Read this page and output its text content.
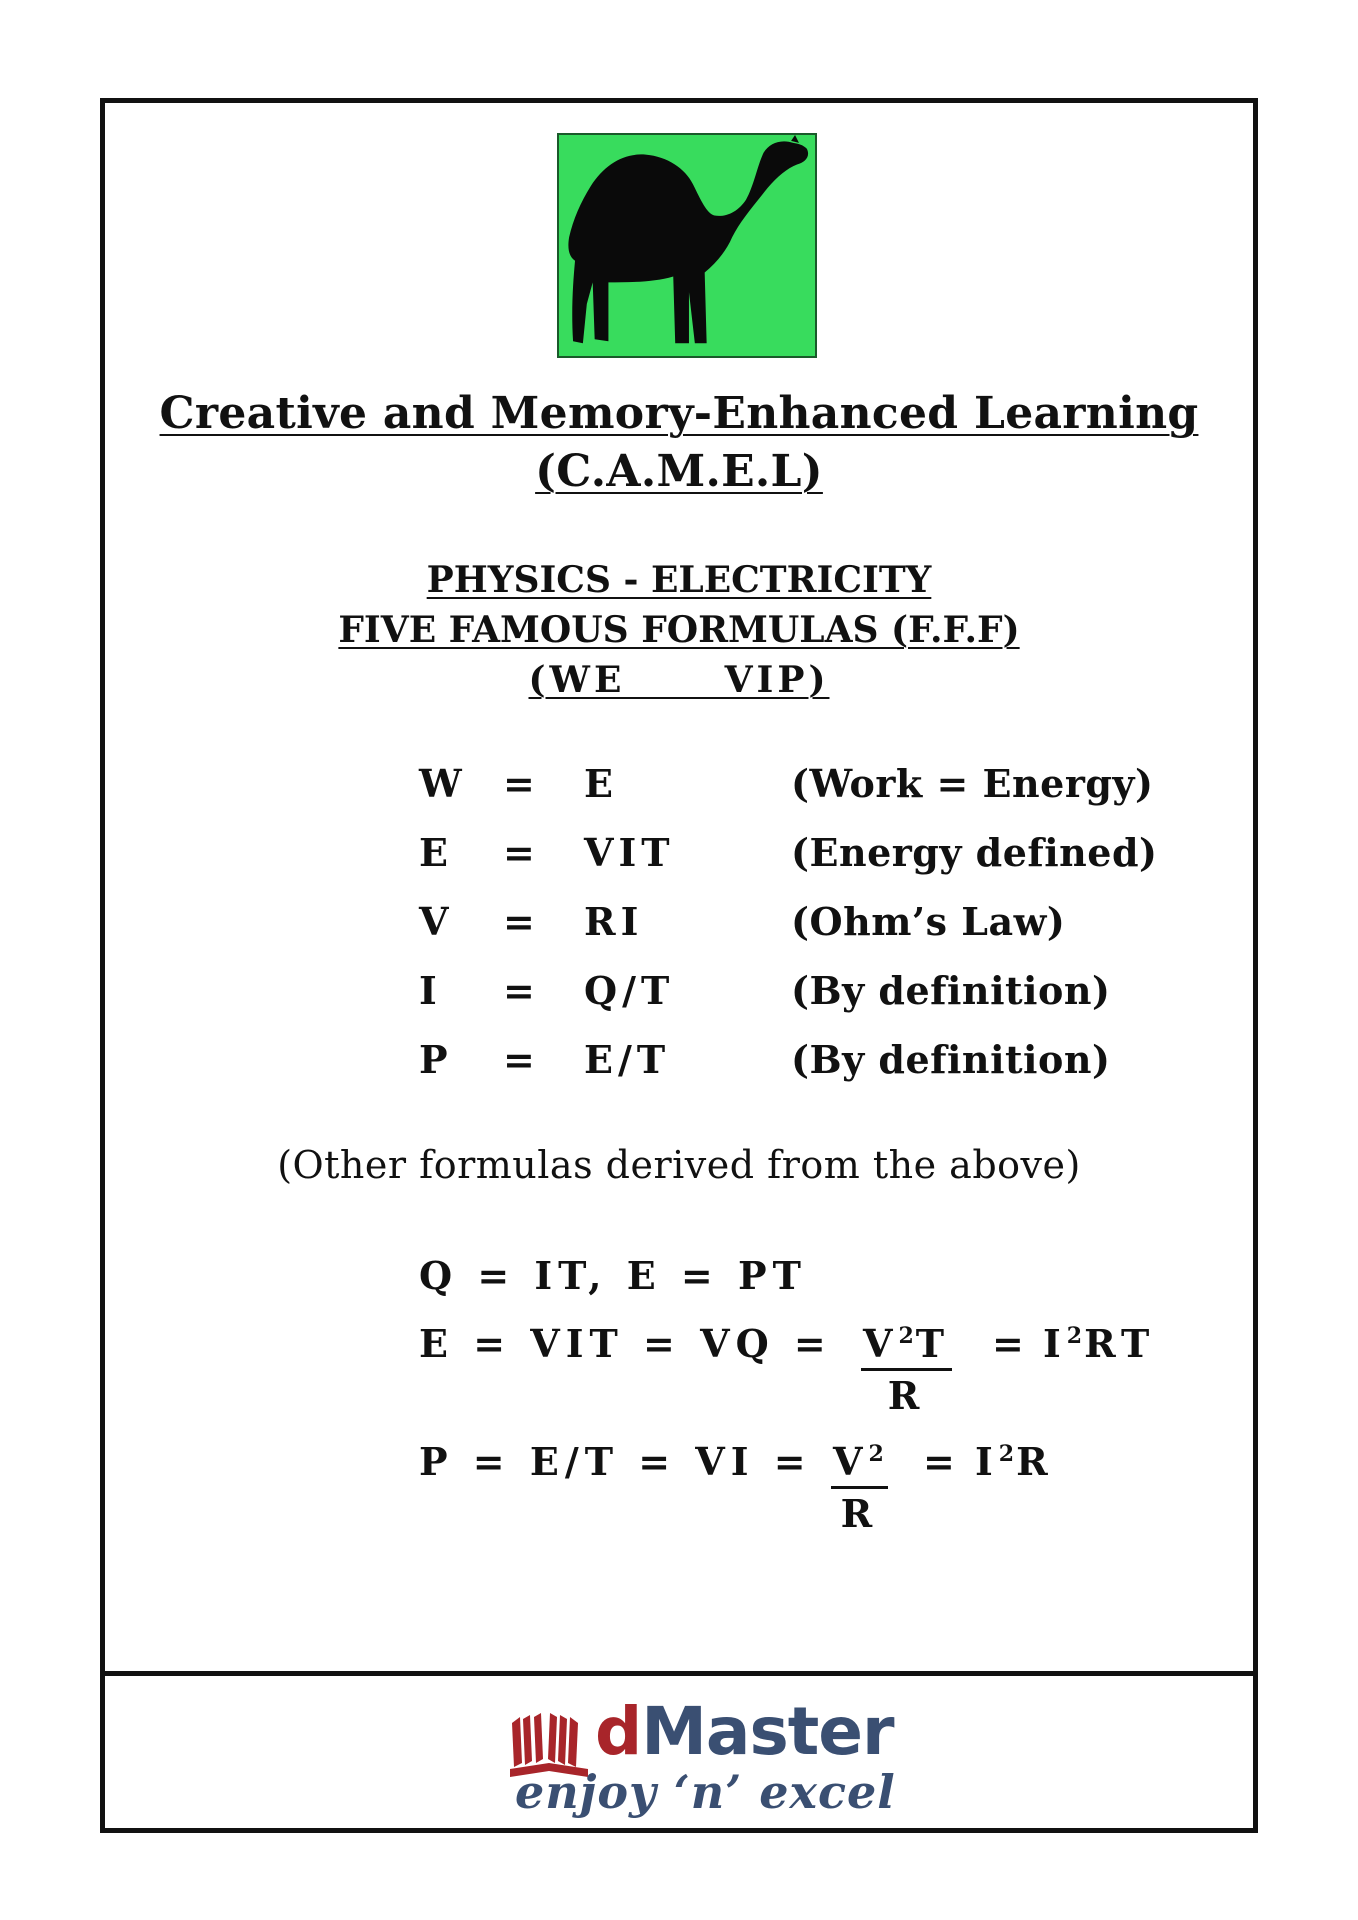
Creative and Memory-Enhanced Learning
(C.A.M.E.L)
PHYSICS - ELECTRICITY
FIVE FAMOUS FORMULAS (F.F.F)
(WE      VIP)
W = E	(Work = Energy)
E = VIT	(Energy defined)
V = RI	(Ohm’s Law)
I = Q/T	(By definition)
P = E/T	(By definition)
(Other formulas derived from the above)
Q = IT, E = PT
E = VIT = VQ = $\frac{V^2T}{R} = I^2RT$
P = E/T = VI = $\frac{V^2}{R} = I^2R$
dMaster
enjoy ‘n’ excel
